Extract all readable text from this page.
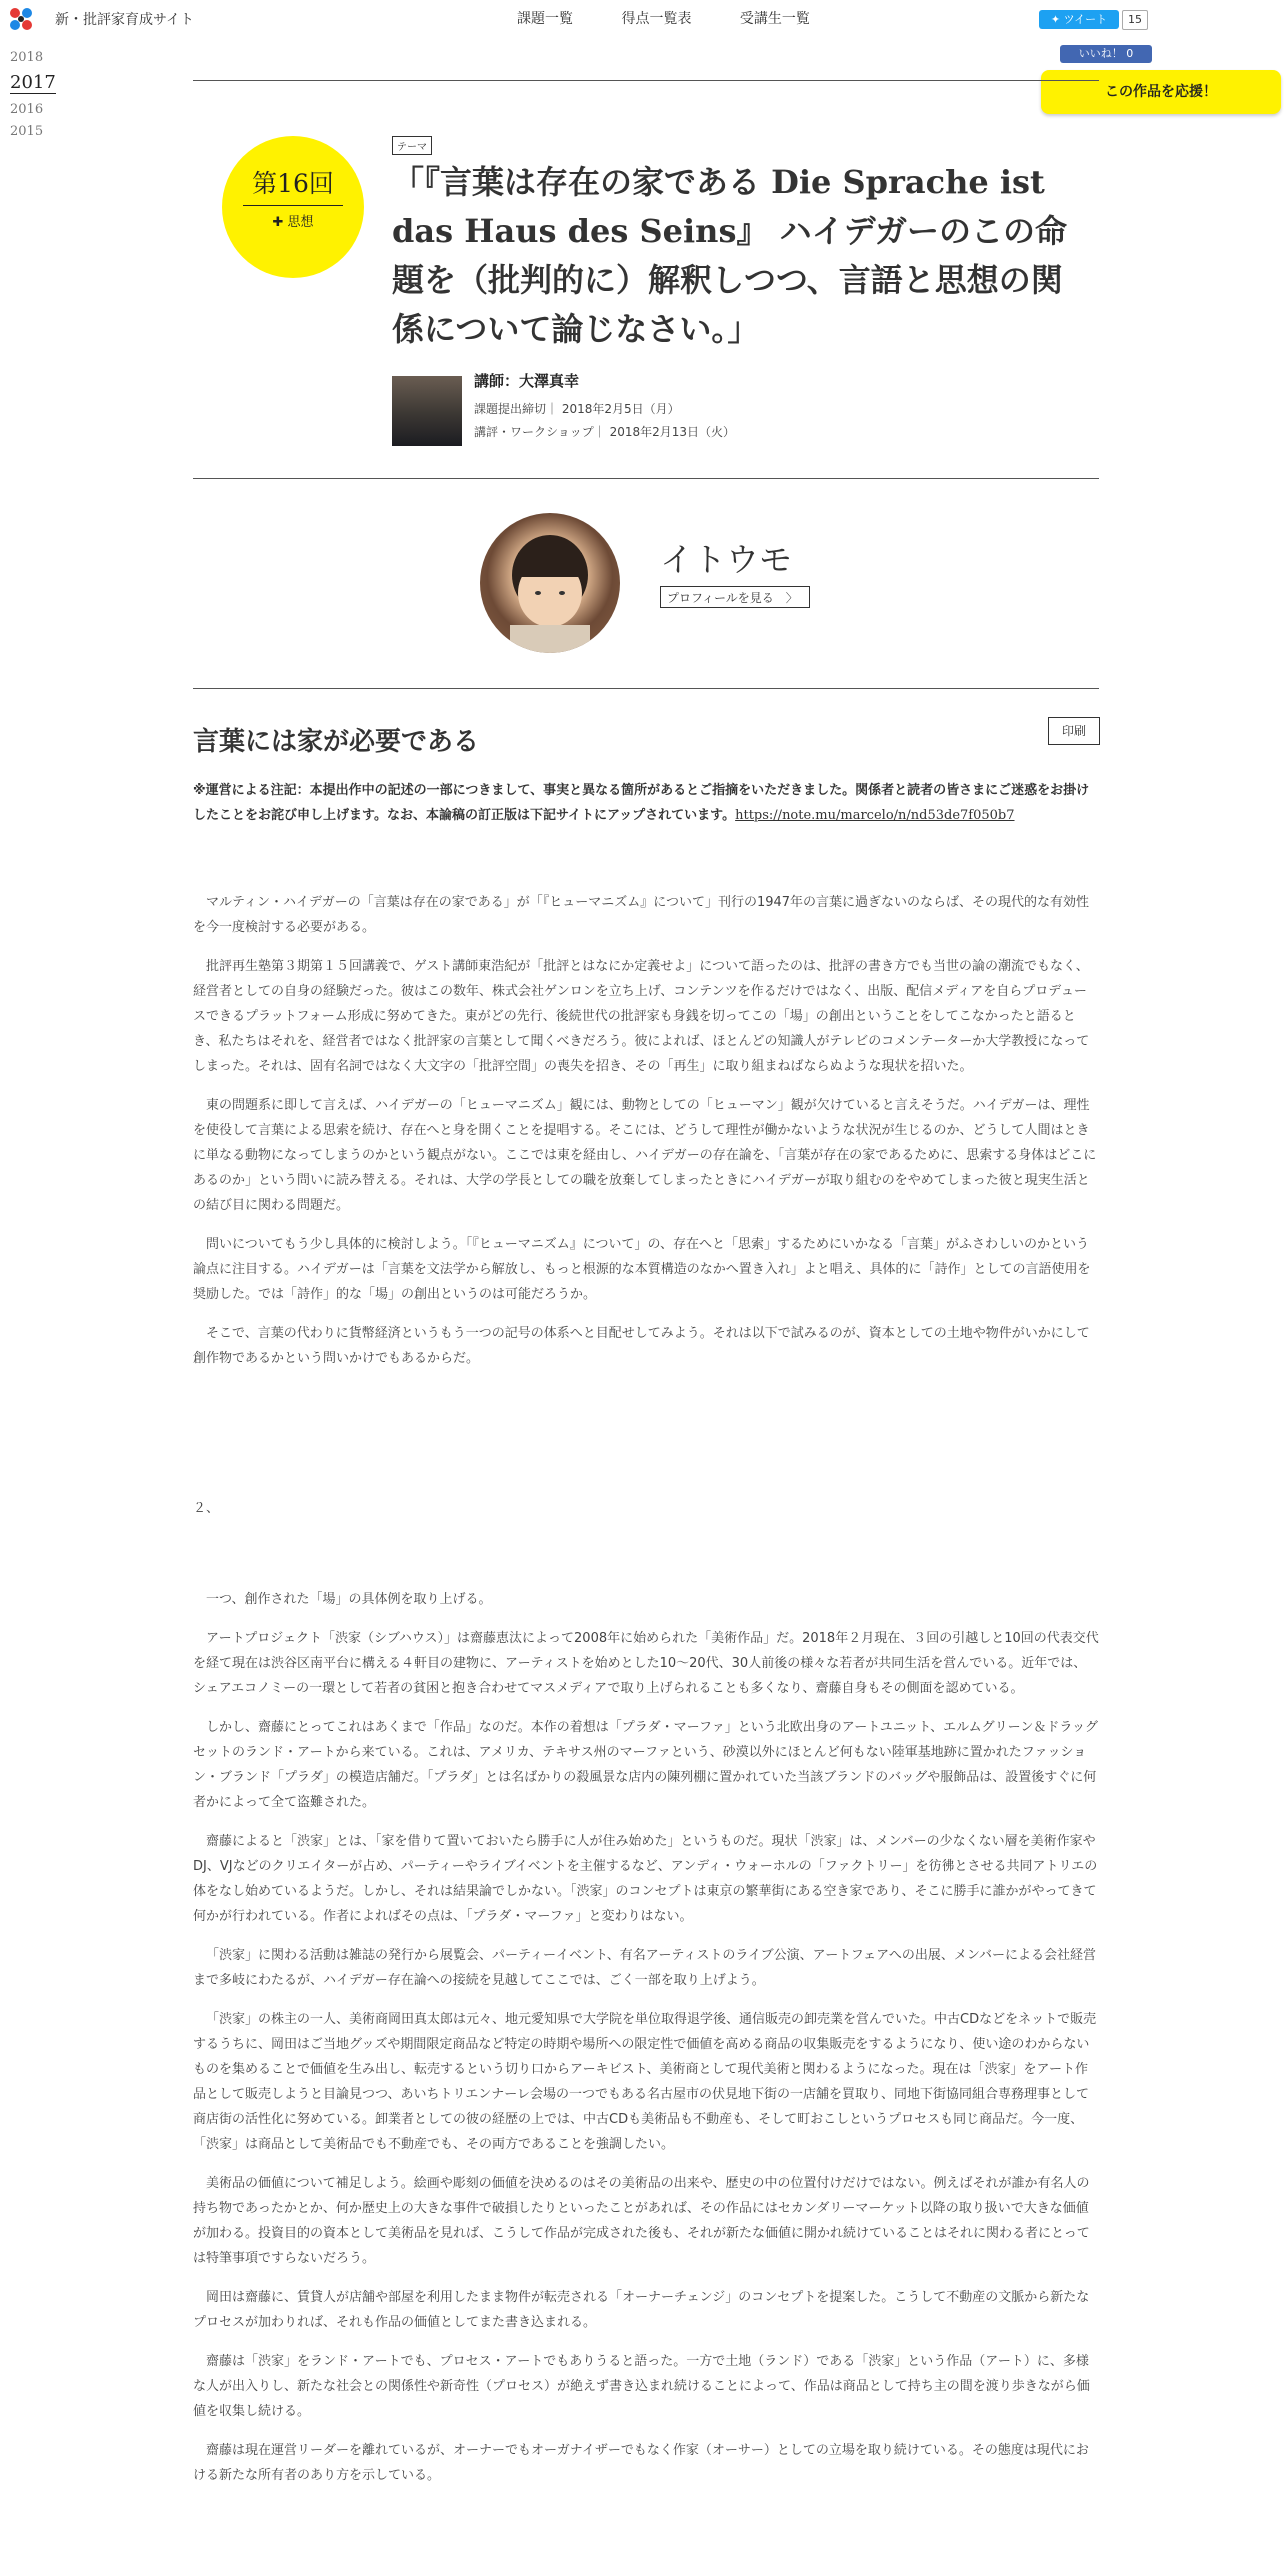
新・批評家育成サイト	課題一覧	得点一覧表	受講生一覧	✦ ツイート	15
いいね！ 0
この作品を応援！
2018
2017
2016
2015
第16回
✚ 思想
テーマ
「『言葉は存在の家である Die Sprache ist das Haus des Seins』 ハイデガーのこの命題を（批判的に）解釈しつつ、言語と思想の関係について論じなさい。」
講師：大澤真幸
課題提出締切｜ 2018年2月5日（月）
講評・ワークショップ｜ 2018年2月13日（火）
イトウモ
プロフィールを見る　〉
言葉には家が必要である	印刷
※運営による注記：本提出作中の記述の一部につきまして、事実と異なる箇所があるとご指摘をいただきました。関係者と読者の皆さまにご迷惑をお掛けしたことをお詫び申し上げます。なお、本論稿の訂正版は下記サイトにアップされています。https://note.mu/marcelo/n/nd53de7f050b7

マルティン・ハイデガーの「言葉は存在の家である」が「『ヒューマニズム』について」刊行の1947年の言葉に過ぎないのならば、その現代的な有効性を今一度検討する必要がある。

批評再生塾第３期第１５回講義で、ゲスト講師東浩紀が「批評とはなにか定義せよ」について語ったのは、批評の書き方でも当世の論の潮流でもなく、経営者としての自身の経験だった。彼はこの数年、株式会社ゲンロンを立ち上げ、コンテンツを作るだけではなく、出版、配信メディアを自らプロデュースできるプラットフォーム形成に努めてきた。東がどの先行、後続世代の批評家も身銭を切ってこの「場」の創出ということをしてこなかったと語るとき、私たちはそれを、経営者ではなく批評家の言葉として聞くべきだろう。彼によれば、ほとんどの知識人がテレビのコメンテーターか大学教授になってしまった。それは、固有名詞ではなく大文字の「批評空間」の喪失を招き、その「再生」に取り組まねばならぬような現状を招いた。

東の問題系に即して言えば、ハイデガーの「ヒューマニズム」観には、動物としての「ヒューマン」観が欠けていると言えそうだ。ハイデガーは、理性を使役して言葉による思索を続け、存在へと身を開くことを提唱する。そこには、どうして理性が働かないような状況が生じるのか、どうして人間はときに単なる動物になってしまうのかという観点がない。ここでは東を経由し、ハイデガーの存在論を、「言葉が存在の家であるために、思索する身体はどこにあるのか」という問いに読み替える。それは、大学の学長としての職を放棄してしまったときにハイデガーが取り組むのをやめてしまった彼と現実生活との結び目に関わる問題だ。

問いについてもう少し具体的に検討しよう。「『ヒューマニズム』について」の、存在へと「思索」するためにいかなる「言葉」がふさわしいのかという論点に注目する。ハイデガーは「言葉を文法学から解放し、もっと根源的な本質構造のなかへ置き入れ」よと唱え、具体的に「詩作」としての言語使用を奨励した。では「詩作」的な「場」の創出というのは可能だろうか。

そこで、言葉の代わりに貨幣経済というもう一つの記号の体系へと目配せしてみよう。それは以下で試みるのが、資本としての土地や物件がいかにして創作物であるかという問いかけでもあるからだ。

２、

一つ、創作された「場」の具体例を取り上げる。

アートプロジェクト「渋家（シブハウス）」は齋藤恵汰によって2008年に始められた「美術作品」だ。2018年２月現在、３回の引越しと10回の代表交代を経て現在は渋谷区南平台に構える４軒目の建物に、アーティストを始めとした10〜20代、30人前後の様々な若者が共同生活を営んでいる。近年では、シェアエコノミーの一環として若者の貧困と抱き合わせてマスメディアで取り上げられることも多くなり、齋藤自身もその側面を認めている。

しかし、齋藤にとってこれはあくまで「作品」なのだ。本作の着想は「プラダ・マーファ」という北欧出身のアートユニット、エルムグリーン＆ドラッグセットのランド・アートから来ている。これは、アメリカ、テキサス州のマーファという、砂漠以外にほとんど何もない陸軍基地跡に置かれたファッション・ブランド「プラダ」の模造店舗だ。「プラダ」とは名ばかりの殺風景な店内の陳列棚に置かれていた当該ブランドのバッグや服飾品は、設置後すぐに何者かによって全て盗難された。

齋藤によると「渋家」とは、「家を借りて置いておいたら勝手に人が住み始めた」というものだ。現状「渋家」は、メンバーの少なくない層を美術作家やDJ、VJなどのクリエイターが占め、パーティーやライブイベントを主催するなど、アンディ・ウォーホルの「ファクトリー」を彷彿とさせる共同アトリエの体をなし始めているようだ。しかし、それは結果論でしかない。「渋家」のコンセプトは東京の繁華街にある空き家であり、そこに勝手に誰かがやってきて何かが行われている。作者によればその点は、「プラダ・マーファ」と変わりはない。

「渋家」に関わる活動は雑誌の発行から展覧会、パーティーイベント、有名アーティストのライブ公演、アートフェアへの出展、メンバーによる会社経営まで多岐にわたるが、ハイデガー存在論への接続を見越してここでは、ごく一部を取り上げよう。

「渋家」の株主の一人、美術商岡田真太郎は元々、地元愛知県で大学院を単位取得退学後、通信販売の卸売業を営んでいた。中古CDなどをネットで販売するうちに、岡田はご当地グッズや期間限定商品など特定の時期や場所への限定性で価値を高める商品の収集販売をするようになり、使い途のわからないものを集めることで価値を生み出し、転売するという切り口からアーキビスト、美術商として現代美術と関わるようになった。現在は「渋家」をアート作品として販売しようと目論見つつ、あいちトリエンナーレ会場の一つでもある名古屋市の伏見地下街の一店舗を買取り、同地下街協同組合専務理事として商店街の活性化に努めている。卸業者としての彼の経歴の上では、中古CDも美術品も不動産も、そして町おこしというプロセスも同じ商品だ。今一度、「渋家」は商品として美術品でも不動産でも、その両方であることを強調したい。

美術品の価値について補足しよう。絵画や彫刻の価値を決めるのはその美術品の出来や、歴史の中の位置付けだけではない。例えばそれが誰か有名人の持ち物であったかとか、何か歴史上の大きな事件で破損したりといったことがあれば、その作品にはセカンダリーマーケット以降の取り扱いで大きな価値が加わる。投資目的の資本として美術品を見れば、こうして作品が完成された後も、それが新たな価値に開かれ続けていることはそれに関わる者にとっては特筆事項ですらないだろう。

岡田は齋藤に、賃貸人が店舗や部屋を利用したまま物件が転売される「オーナーチェンジ」のコンセプトを提案した。こうして不動産の文脈から新たなプロセスが加わりれば、それも作品の価値としてまた書き込まれる。

齋藤は「渋家」をランド・アートでも、プロセス・アートでもありうると語った。一方で土地（ランド）である「渋家」という作品（アート）に、多様な人が出入りし、新たな社会との関係性や新奇性（プロセス）が絶えず書き込まれ続けることによって、作品は商品として持ち主の間を渡り歩きながら価値を収集し続ける。

齋藤は現在運営リーダーを離れているが、オーナーでもオーガナイザーでもなく作家（オーサー）としての立場を取り続けている。その態度は現代における新たな所有者のあり方を示している。
